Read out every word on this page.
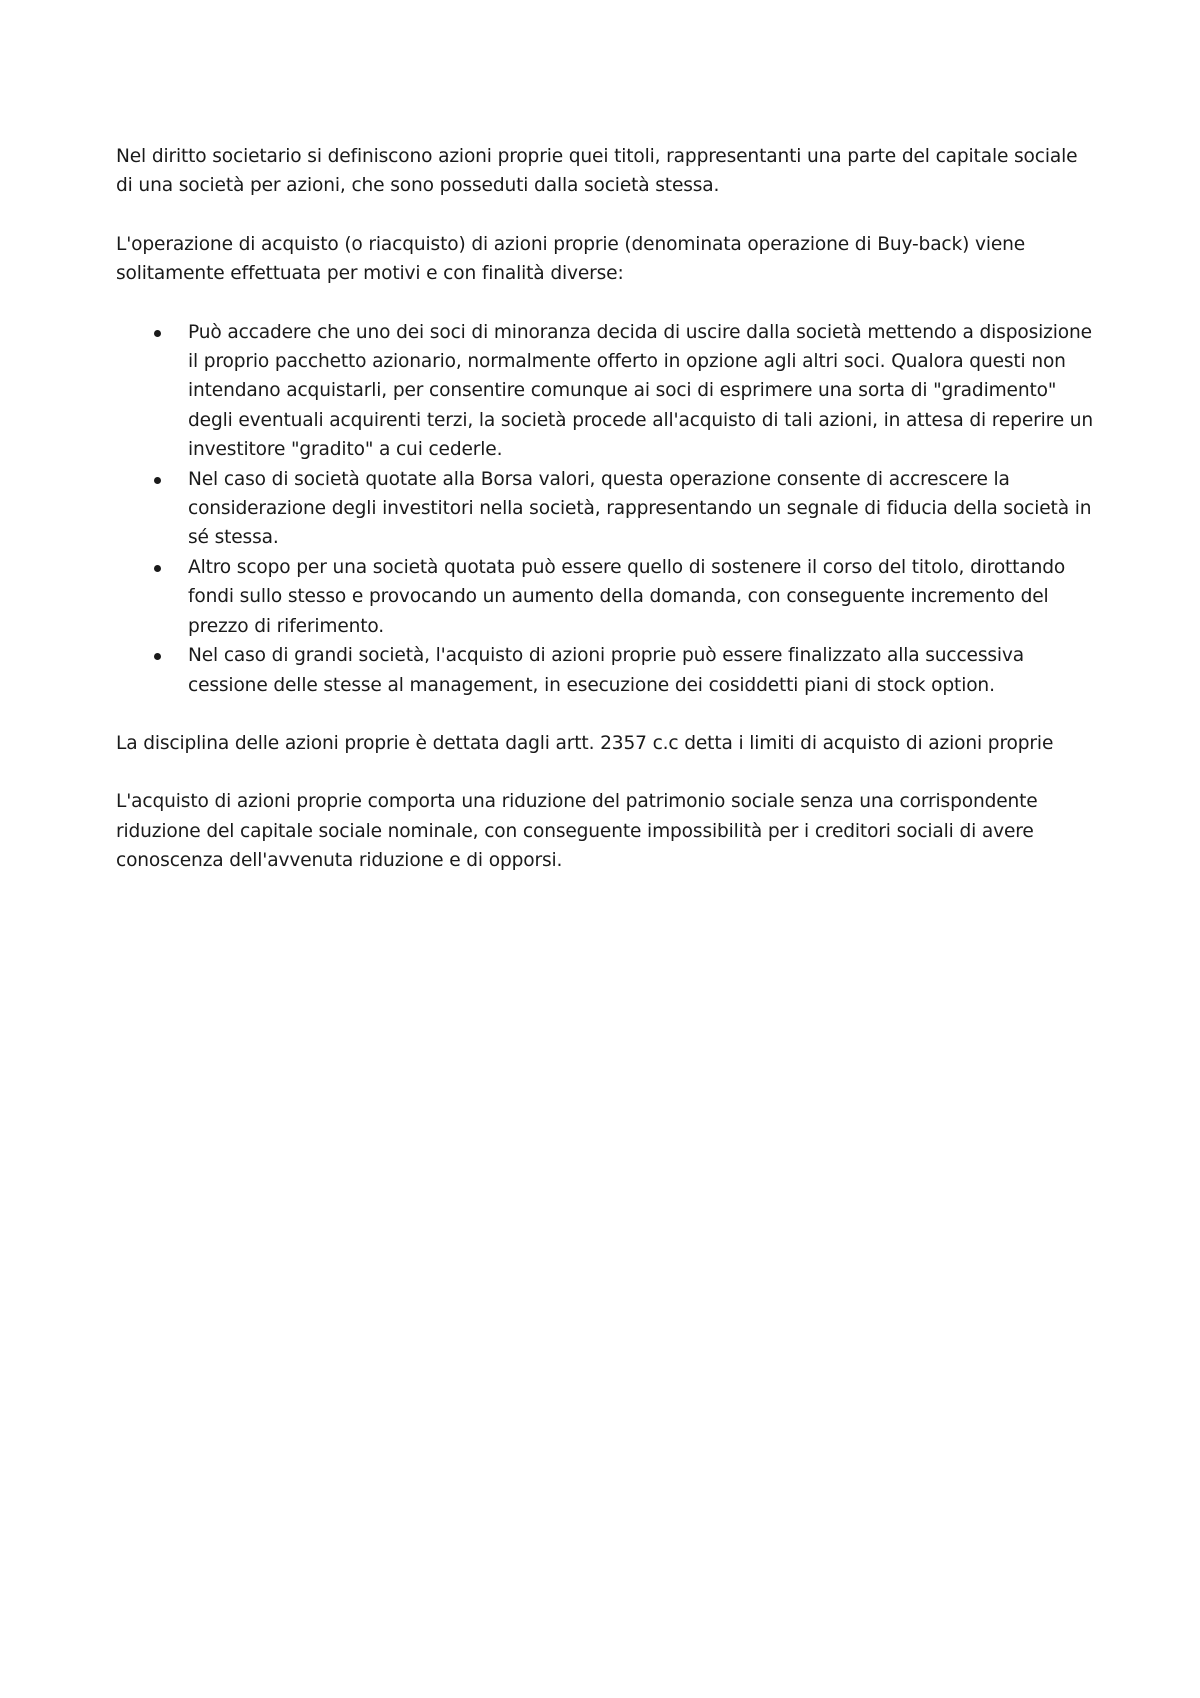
Nel diritto societario si definiscono azioni proprie quei titoli, rappresentanti una parte del capitale sociale di una società per azioni, che sono posseduti dalla società stessa.

L'operazione di acquisto (o riacquisto) di azioni proprie (denominata operazione di Buy-back) viene solitamente effettuata per motivi e con finalità diverse:

Può accadere che uno dei soci di minoranza decida di uscire dalla società mettendo a disposizione il proprio pacchetto azionario, normalmente offerto in opzione agli altri soci. Qualora questi non intendano acquistarli, per consentire comunque ai soci di esprimere una sorta di "gradimento" degli eventuali acquirenti terzi, la società procede all'acquisto di tali azioni, in attesa di reperire un investitore "gradito" a cui cederle.
Nel caso di società quotate alla Borsa valori, questa operazione consente di accrescere la considerazione degli investitori nella società, rappresentando un segnale di fiducia della società in sé stessa.
Altro scopo per una società quotata può essere quello di sostenere il corso del titolo, dirottando fondi sullo stesso e provocando un aumento della domanda, con conseguente incremento del prezzo di riferimento.
Nel caso di grandi società, l'acquisto di azioni proprie può essere finalizzato alla successiva cessione delle stesse al management, in esecuzione dei cosiddetti piani di stock option.

La disciplina delle azioni proprie è dettata dagli artt. 2357 c.c detta i limiti di acquisto di azioni proprie

L'acquisto di azioni proprie comporta una riduzione del patrimonio sociale senza una corrispondente riduzione del capitale sociale nominale, con conseguente impossibilità per i creditori sociali di avere conoscenza dell'avvenuta riduzione e di opporsi.
